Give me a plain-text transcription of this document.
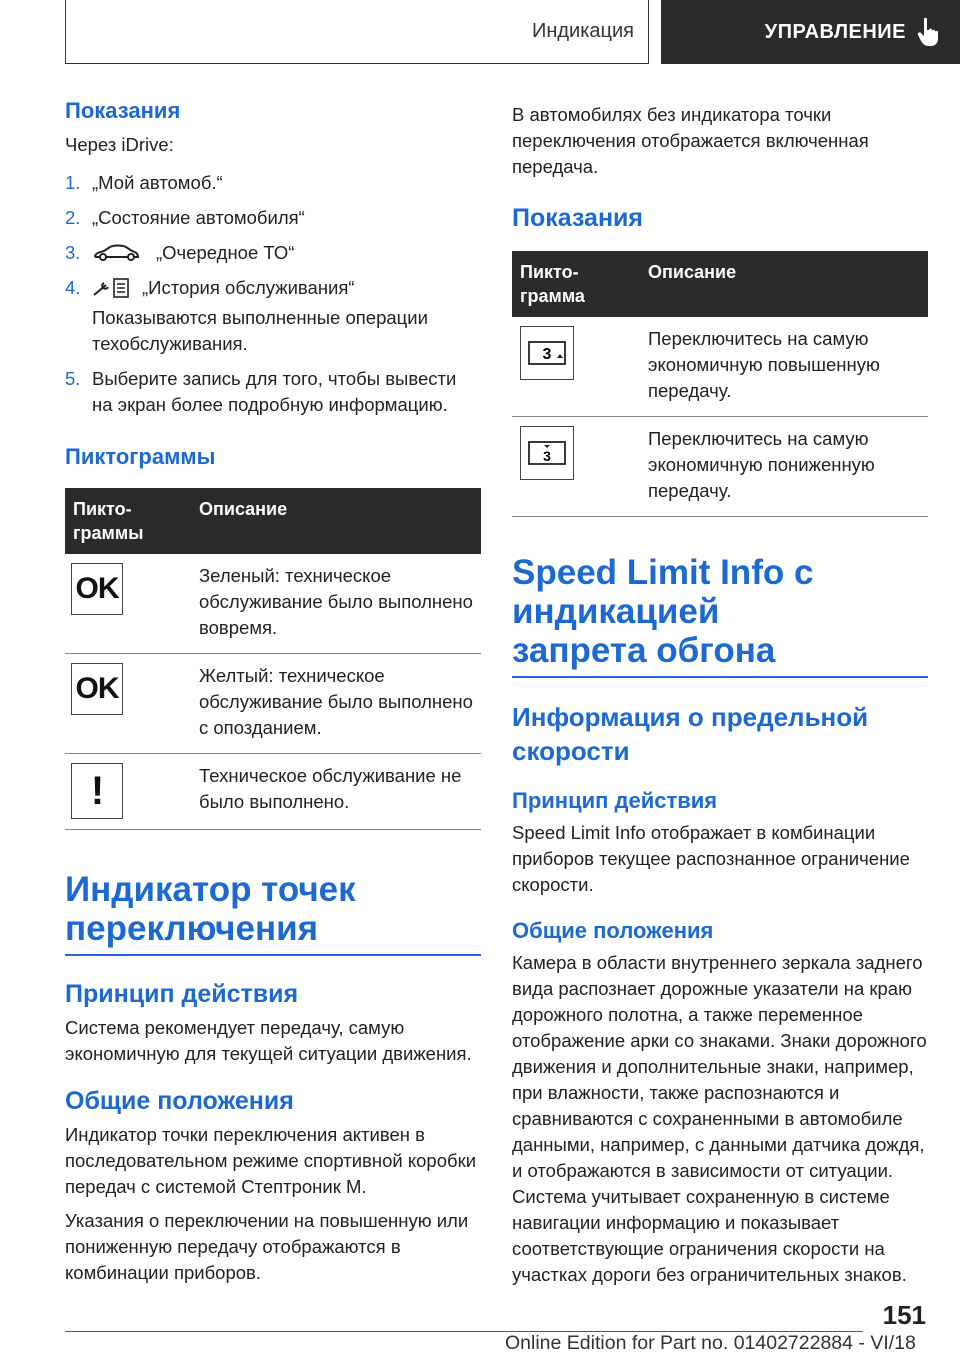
Индикация	УПРАВЛЕНИЕ
Показания

Через iDrive:

1. „Мой автомоб.“
2. „Состояние автомобиля“
3.	„Очередное ТО“
4.	„История обслуживания“
Показываются выполненные операции техобслуживания.
5. Выберите запись для того, чтобы вывести на экран более подробную информацию.
Пиктограммы
Пикто-граммы	Описание

OK	Зеленый: техническое обслуживание было выполнено вовремя.

OK	Желтый: техническое обслуживание было выполнено с опозданием.

!	Техническое обслуживание не было выполнено.
Индикатор точек переключения
Принцип действия

Система рекомендует передачу, самую экономичную для текущей ситуации движения.

Общие положения

Индикатор точки переключения активен в последовательном режиме спортивной коробки передач с системой Стептроник M.

Указания о переключении на повышенную или пониженную передачу отображаются в комбинации приборов.

В автомобилях без индикатора точки переключения отображается включенная передача.

Показания
Пикто-грамма	Описание

3	Переключитесь на самую экономичную повышенную передачу.

3	Переключитесь на самую экономичную пониженную передачу.
Speed Limit Info с индикацией запрета обгона
Информация о предельной скорости
Принцип действия

Speed Limit Info отображает в комбинации приборов текущее распознанное ограничение скорости.

Общие положения

Камера в области внутреннего зеркала заднего вида распознает дорожные указатели на краю дорожного полотна, а также переменное отображение арки со знаками. Знаки дорожного движения и дополнительные знаки, например, при влажности, также распознаются и сравниваются с сохраненными в автомобиле данными, например, с данными датчика дождя, и отображаются в зависимости от ситуации. Система учитывает сохраненную в системе навигации информацию и показывает соответствующие ограничения скорости на участках дороги без ограничительных знаков.

151
Online Edition for Part no. 01402722884 - VI/18
